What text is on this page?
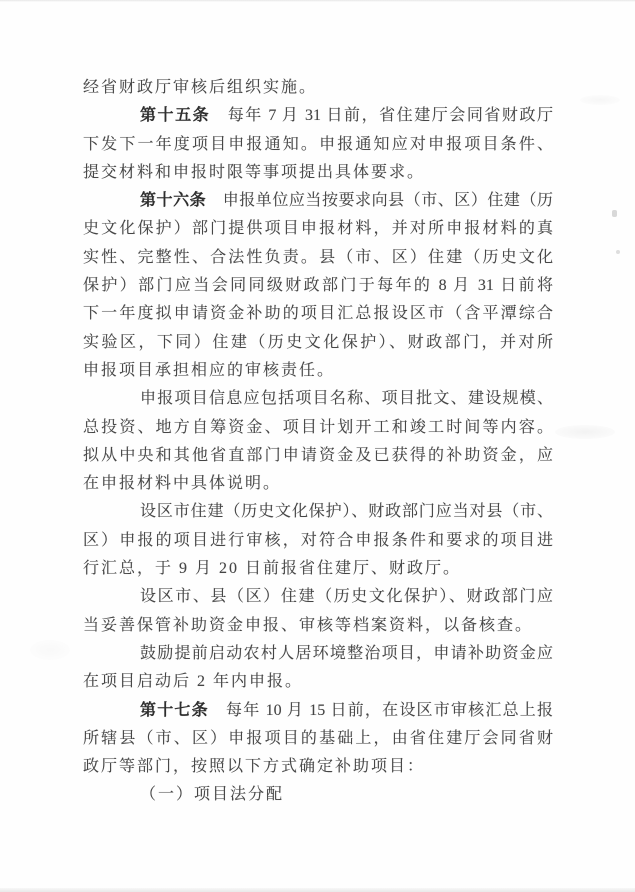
经省财政厅审核后组织实施。
第十五条　每年 7 月 31 日前，省住建厅会同省财政厅
下发下一年度项目申报通知。申报通知应对申报项目条件、
提交材料和申报时限等事项提出具体要求。
第十六条　申报单位应当按要求向县（市、区）住建（历
史文化保护）部门提供项目申报材料，并对所申报材料的真
实性、完整性、合法性负责。县（市、区）住建（历史文化
保护）部门应当会同同级财政部门于每年的 8 月 31 日前将
下一年度拟申请资金补助的项目汇总报设区市（含平潭综合
实验区，下同）住建（历史文化保护）、财政部门，并对所
申报项目承担相应的审核责任。
申报项目信息应包括项目名称、项目批文、建设规模、
总投资、地方自筹资金、项目计划开工和竣工时间等内容。
拟从中央和其他省直部门申请资金及已获得的补助资金，应
在申报材料中具体说明。
设区市住建（历史文化保护）、财政部门应当对县（市、
区）申报的项目进行审核，对符合申报条件和要求的项目进
行汇总，于 9 月 20 日前报省住建厅、财政厅。
设区市、县（区）住建（历史文化保护）、财政部门应
当妥善保管补助资金申报、审核等档案资料，以备核查。
鼓励提前启动农村人居环境整治项目，申请补助资金应
在项目启动后 2 年内申报。
第十七条　每年 10 月 15 日前，在设区市审核汇总上报
所辖县（市、区）申报项目的基础上，由省住建厅会同省财
政厅等部门，按照以下方式确定补助项目：
（一）项目法分配
